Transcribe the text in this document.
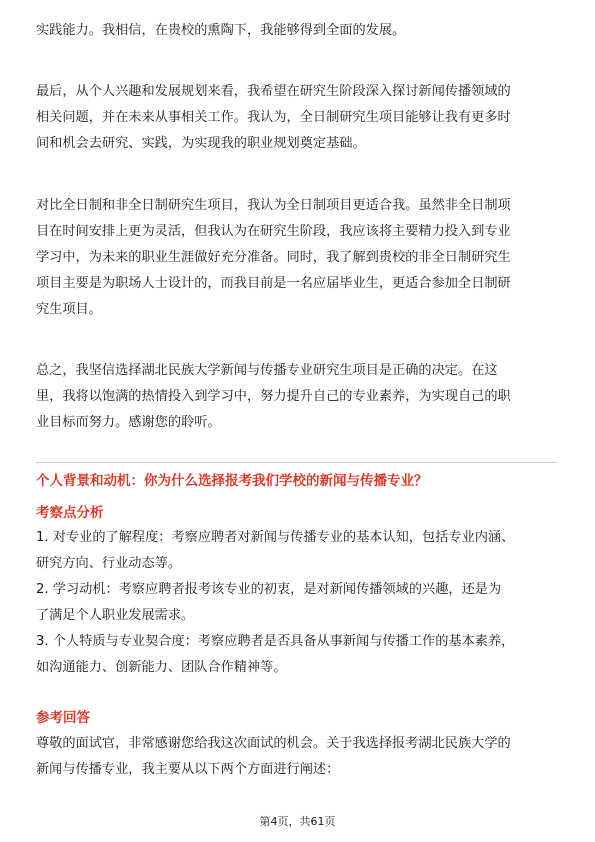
实践能力。我相信，在贵校的熏陶下，我能够得到全面的发展。
最后，从个人兴趣和发展规划来看，我希望在研究生阶段深入探讨新闻传播领域的
相关问题，并在未来从事相关工作。我认为，全日制研究生项目能够让我有更多时
间和机会去研究、实践，为实现我的职业规划奠定基础。
对比全日制和非全日制研究生项目，我认为全日制项目更适合我。虽然非全日制项
目在时间安排上更为灵活，但我认为在研究生阶段，我应该将主要精力投入到专业
学习中，为未来的职业生涯做好充分准备。同时，我了解到贵校的非全日制研究生
项目主要是为职场人士设计的，而我目前是一名应届毕业生，更适合参加全日制研
究生项目。
总之，我坚信选择湖北民族大学新闻与传播专业研究生项目是正确的决定。在这
里，我将以饱满的热情投入到学习中，努力提升自己的专业素养，为实现自己的职
业目标而努力。感谢您的聆听。
个人背景和动机：你为什么选择报考我们学校的新闻与传播专业？
考察点分析
1. 对专业的了解程度：考察应聘者对新闻与传播专业的基本认知，包括专业内涵、
研究方向、行业动态等。
2. 学习动机：考察应聘者报考该专业的初衷，是对新闻传播领域的兴趣，还是为
了满足个人职业发展需求。
3. 个人特质与专业契合度：考察应聘者是否具备从事新闻与传播工作的基本素养，
如沟通能力、创新能力、团队合作精神等。
参考回答
尊敬的面试官，非常感谢您给我这次面试的机会。关于我选择报考湖北民族大学的
新闻与传播专业，我主要从以下两个方面进行阐述：
第4页，共61页
